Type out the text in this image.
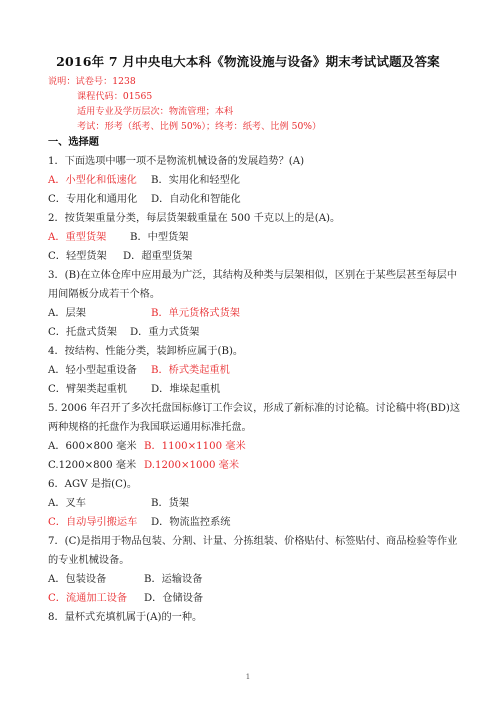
2016年 7 月中央电大本科《物流设施与设备》期末考试试题及答案
说明：试卷号：1238
课程代码：01565
适用专业及学历层次：物流管理；本科
考试：形考（纸考、比例 50%）；终考：纸考、比例 50%）
一、选择题
1．下面选项中哪一项不是物流机械设备的发展趋势？(A)
A．小型化和低速化 B．实用化和轻型化
C．专用化和通用化 D．自动化和智能化
2．按货架重量分类，每层货架载重量在 500 千克以上的是(A)。
A．重型货架 B．中型货架
C．轻型货架 D．超重型货架
3．(B)在立体仓库中应用最为广泛，其结构及种类与层架相似，区别在于某些层甚至每层中
用间隔板分成若干个格。
A．层架	B．单元货格式货架
C．托盘式货架 D．重力式货架
4．按结构、性能分类，装卸桥应属于(B)。
A．轻小型起重设备 B．桥式类起重机
C．臂架类起重机 D．堆垛起重机
5. 2006 年召开了多次托盘国标修订工作会议，形成了新标准的讨论稿。讨论稿中将(BD)这
两种规格的托盘作为我国联运通用标准托盘。
A．600×800 毫米 B．1100×1100 毫米
C.1200×800 毫米 D.1200×1000 毫米
6．AGV 是指(C)。
A．叉车	B．货架
C．自动导引搬运车 D．物流监控系统
7．(C)是指用于物品包装、分割、计量、分拣组装、价格贴付、标签贴付、商品检验等作业
的专业机械设备。
A．包装设备	B．运输设备
C．流通加工设备 D．仓储设备
8．量杯式充填机属于(A)的一种。
1
